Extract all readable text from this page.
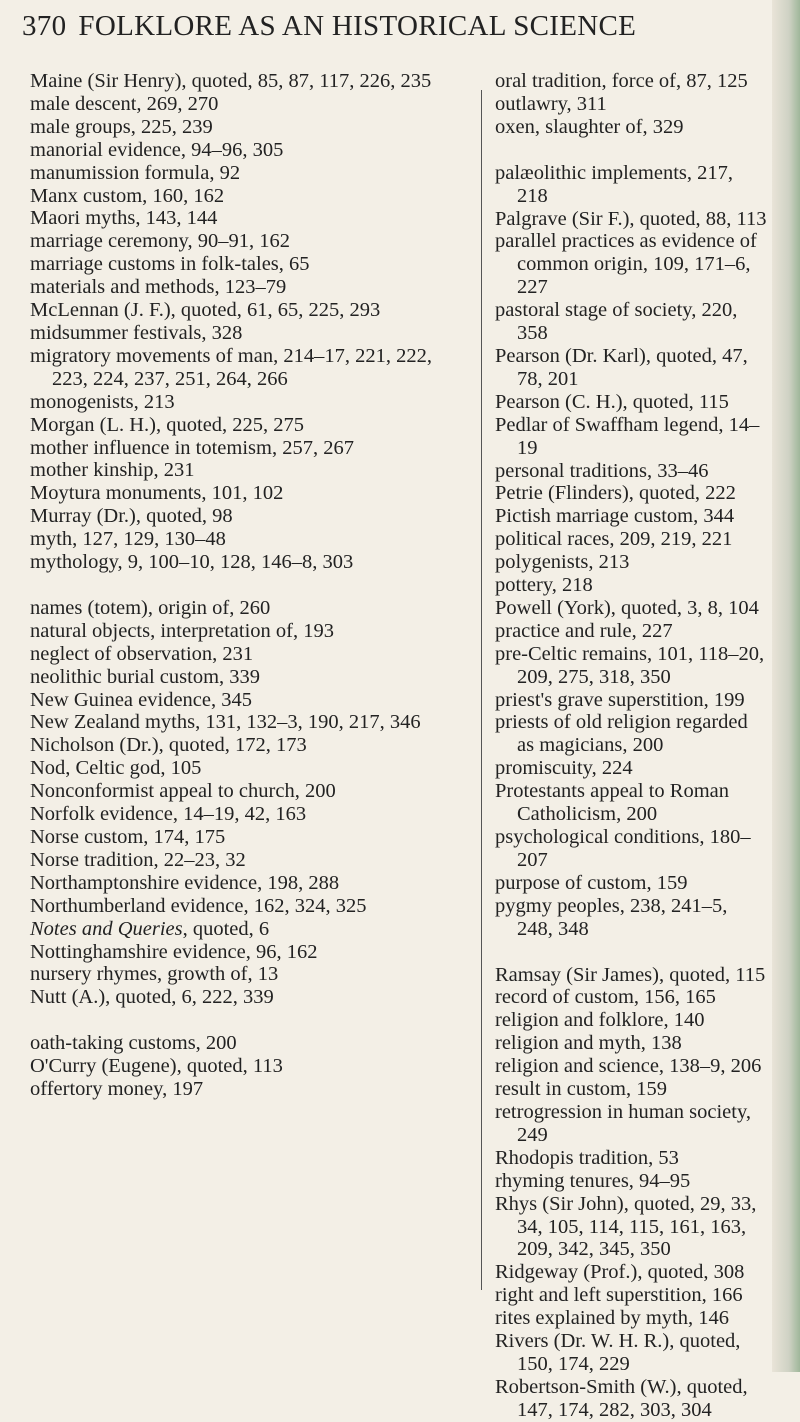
370 FOLKLORE AS AN HISTORICAL SCIENCE
Maine (Sir Henry), quoted, 85, 87, 117, 226, 235
male descent, 269, 270
male groups, 225, 239
manorial evidence, 94–96, 305
manumission formula, 92
Manx custom, 160, 162
Maori myths, 143, 144
marriage ceremony, 90–91, 162
marriage customs in folk-tales, 65
materials and methods, 123–79
McLennan (J. F.), quoted, 61, 65, 225, 293
midsummer festivals, 328
migratory movements of man, 214–17, 221, 222, 223, 224, 237, 251, 264, 266
monogenists, 213
Morgan (L. H.), quoted, 225, 275
mother influence in totemism, 257, 267
mother kinship, 231
Moytura monuments, 101, 102
Murray (Dr.), quoted, 98
myth, 127, 129, 130–48
mythology, 9, 100–10, 128, 146–8, 303
names (totem), origin of, 260
natural objects, interpretation of, 193
neglect of observation, 231
neolithic burial custom, 339
New Guinea evidence, 345
New Zealand myths, 131, 132–3, 190, 217, 346
Nicholson (Dr.), quoted, 172, 173
Nod, Celtic god, 105
Nonconformist appeal to church, 200
Norfolk evidence, 14–19, 42, 163
Norse custom, 174, 175
Norse tradition, 22–23, 32
Northamptonshire evidence, 198, 288
Northumberland evidence, 162, 324, 325
Notes and Queries, quoted, 6
Nottinghamshire evidence, 96, 162
nursery rhymes, growth of, 13
Nutt (A.), quoted, 6, 222, 339
oath-taking customs, 200
O'Curry (Eugene), quoted, 113
offertory money, 197
oral tradition, force of, 87, 125
outlawry, 311
oxen, slaughter of, 329
palæolithic implements, 217, 218
Palgrave (Sir F.), quoted, 88, 113
parallel practices as evidence of common origin, 109, 171–6, 227
pastoral stage of society, 220, 358
Pearson (Dr. Karl), quoted, 47, 78, 201
Pearson (C. H.), quoted, 115
Pedlar of Swaffham legend, 14–19
personal traditions, 33–46
Petrie (Flinders), quoted, 222
Pictish marriage custom, 344
political races, 209, 219, 221
polygenists, 213
pottery, 218
Powell (York), quoted, 3, 8, 104
practice and rule, 227
pre-Celtic remains, 101, 118–20, 209, 275, 318, 350
priest's grave superstition, 199
priests of old religion regarded as magicians, 200
promiscuity, 224
Protestants appeal to Roman Catholicism, 200
psychological conditions, 180–207
purpose of custom, 159
pygmy peoples, 238, 241–5, 248, 348
Ramsay (Sir James), quoted, 115
record of custom, 156, 165
religion and folklore, 140
religion and myth, 138
religion and science, 138–9, 206
result in custom, 159
retrogression in human society, 249
Rhodopis tradition, 53
rhyming tenures, 94–95
Rhys (Sir John), quoted, 29, 33, 34, 105, 114, 115, 161, 163, 209, 342, 345, 350
Ridgeway (Prof.), quoted, 308
right and left superstition, 166
rites explained by myth, 146
Rivers (Dr. W. H. R.), quoted, 150, 174, 229
Robertson-Smith (W.), quoted, 147, 174, 282, 303, 304
